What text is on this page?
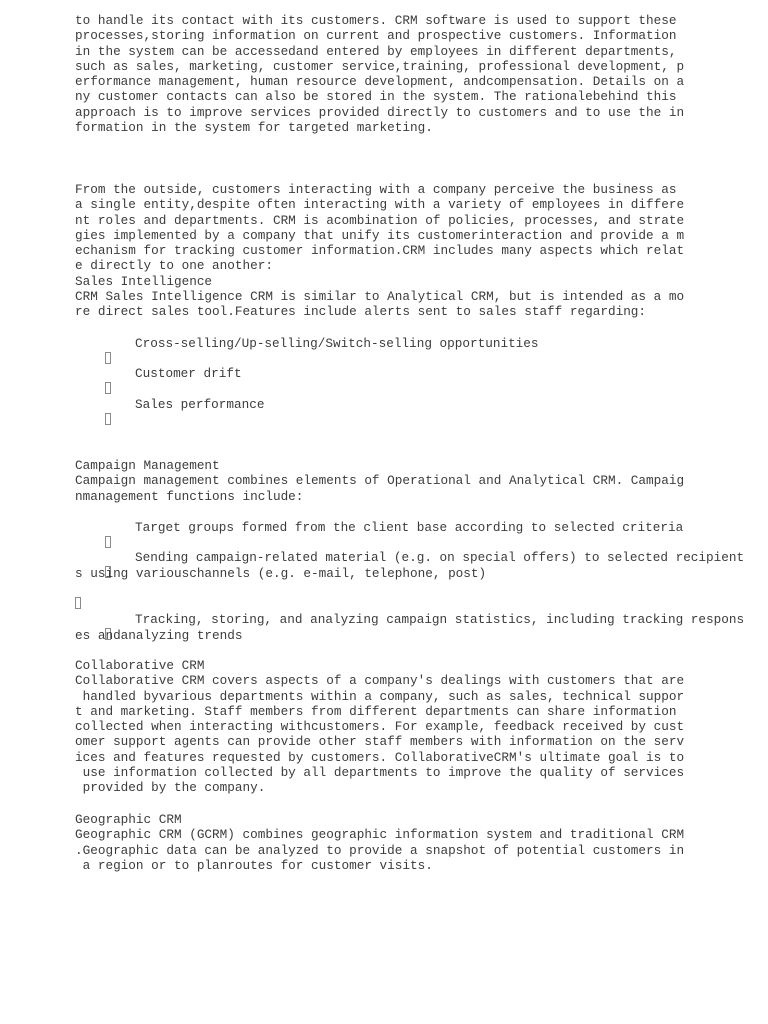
to handle its contact with its customers. CRM software is used to support these
processes,storing information on current and prospective customers. Information
in the system can be accessedand entered by employees in different departments,
such as sales, marketing, customer service,training, professional development, p
erformance management, human resource development, andcompensation. Details on a
ny customer contacts can also be stored in the system. The rationalebehind this
approach is to improve services provided directly to customers and to use the in
formation in the system for targeted marketing.
From the outside, customers interacting with a company perceive the business as
a single entity,despite often interacting with a variety of employees in differe
nt roles and departments. CRM is acombination of policies, processes, and strate
gies implemented by a company that unify its customerinteraction and provide a m
echanism for tracking customer information.CRM includes many aspects which relat
e directly to one another:
Sales Intelligence
CRM Sales Intelligence CRM is similar to Analytical CRM, but is intended as a mo
re direct sales tool.Features include alerts sent to sales staff regarding:

Cross-selling/Up-selling/Switch-selling opportunities

Customer drift

Sales performance

Campaign Management
Campaign management combines elements of Operational and Analytical CRM. Campaig
nmanagement functions include:

Target groups formed from the client base according to selected criteria

Sending campaign-related material (e.g. on special offers) to selected recipient

s using variouschannels (e.g. e-mail, telephone, post)

Tracking, storing, and analyzing campaign statistics, including tracking respons

es andanalyzing trends
Collaborative CRM
Collaborative CRM covers aspects of a company's dealings with customers that are
handled byvarious departments within a company, such as sales, technical suppor
t and marketing. Staff members from different departments can share information
collected when interacting withcustomers. For example, feedback received by cust
omer support agents can provide other staff members with information on the serv
ices and features requested by customers. CollaborativeCRM's ultimate goal is to
use information collected by all departments to improve the quality of services
provided by the company.
Geographic CRM
Geographic CRM (GCRM) combines geographic information system and traditional CRM
.Geographic data can be analyzed to provide a snapshot of potential customers in
a region or to planroutes for customer visits.
